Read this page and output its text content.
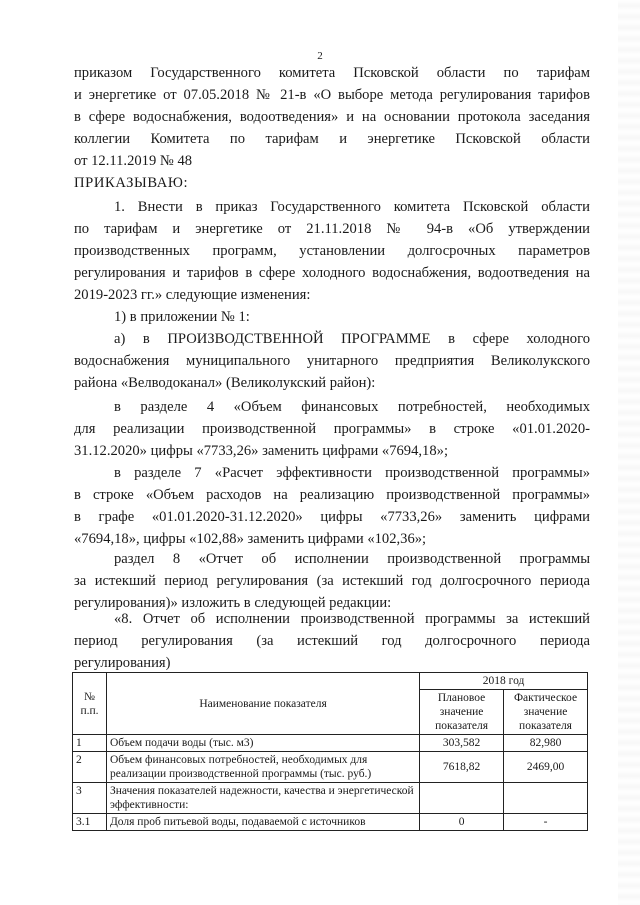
2

приказом Государственного комитета Псковской области по тарифам

и энергетике от 07.05.2018 № 21-в «О выборе метода регулирования тарифов

в сфере водоснабжения, водоотведения» и на основании протокола заседания

коллегии Комитета по тарифам и энергетике Псковской области

от 12.11.2019 № 48

ПРИКАЗЫВАЮ:

1. Внести в приказ Государственного комитета Псковской области

по тарифам и энергетике от 21.11.2018 № 94-в «Об утверждении

производственных программ, установлении долгосрочных параметров

регулирования и тарифов в сфере холодного водоснабжения, водоотведения на

2019-2023 гг.» следующие изменения:

1) в приложении № 1:

а) в ПРОИЗВОДСТВЕННОЙ ПРОГРАММЕ в сфере холодного

водоснабжения муниципального унитарного предприятия Великолукского

района «Велводоканал» (Великолукский район):

в разделе 4 «Объем финансовых потребностей, необходимых

для реализации производственной программы» в строке «01.01.2020-

31.12.2020» цифры «7733,26» заменить цифрами «7694,18»;

в разделе 7 «Расчет эффективности производственной программы»

в строке «Объем расходов на реализацию производственной программы»

в графе «01.01.2020-31.12.2020» цифры «7733,26» заменить цифрами

«7694,18», цифры «102,88» заменить цифрами «102,36»;

раздел 8 «Отчет об исполнении производственной программы

за истекший период регулирования (за истекший год долгосрочного периода

регулирования)» изложить в следующей редакции:

«8. Отчет об исполнении производственной программы за истекший

период регулирования (за истекший год долгосрочного периода

регулирования)

№ п.п.	Наименование показателя	2018 год	
		Плановое значение показателя	Фактическое значение показателя
1	Объем подачи воды (тыс. м3)	303,582	82,980
2	Объем финансовых потребностей, необходимых для реализации производственной программы (тыс. руб.)	7618,82	2469,00
3	Значения показателей надежности, качества и энергетической эффективности:		
3.1	Доля проб питьевой воды, подаваемой с источников	0	-
